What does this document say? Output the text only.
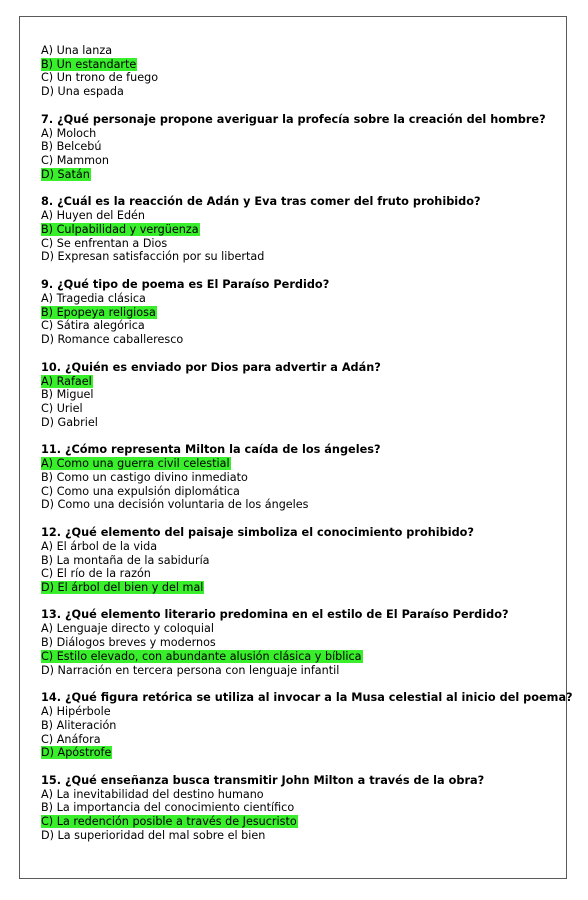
A) Una lanza
B) Un estandarte
C) Un trono de fuego
D) Una espada
7. ¿Qué personaje propone averiguar la profecía sobre la creación del hombre?
A) Moloch
B) Belcebú
C) Mammon
D) Satán
8. ¿Cuál es la reacción de Adán y Eva tras comer del fruto prohibido?
A) Huyen del Edén
B) Culpabilidad y vergüenza
C) Se enfrentan a Dios
D) Expresan satisfacción por su libertad
9. ¿Qué tipo de poema es El Paraíso Perdido?
A) Tragedia clásica
B) Epopeya religiosa
C) Sátira alegórica
D) Romance caballeresco
10. ¿Quién es enviado por Dios para advertir a Adán?
A) Rafael
B) Miguel
C) Uriel
D) Gabriel
11. ¿Cómo representa Milton la caída de los ángeles?
A) Como una guerra civil celestial
B) Como un castigo divino inmediato
C) Como una expulsión diplomática
D) Como una decisión voluntaria de los ángeles
12. ¿Qué elemento del paisaje simboliza el conocimiento prohibido?
A) El árbol de la vida
B) La montaña de la sabiduría
C) El río de la razón
D) El árbol del bien y del mal
13. ¿Qué elemento literario predomina en el estilo de El Paraíso Perdido?
A) Lenguaje directo y coloquial
B) Diálogos breves y modernos
C) Estilo elevado, con abundante alusión clásica y bíblica
D) Narración en tercera persona con lenguaje infantil
14. ¿Qué figura retórica se utiliza al invocar a la Musa celestial al inicio del poema?
A) Hipérbole
B) Aliteración
C) Anáfora
D) Apóstrofe
15. ¿Qué enseñanza busca transmitir John Milton a través de la obra?
A) La inevitabilidad del destino humano
B) La importancia del conocimiento científico
C) La redención posible a través de Jesucristo
D) La superioridad del mal sobre el bien
